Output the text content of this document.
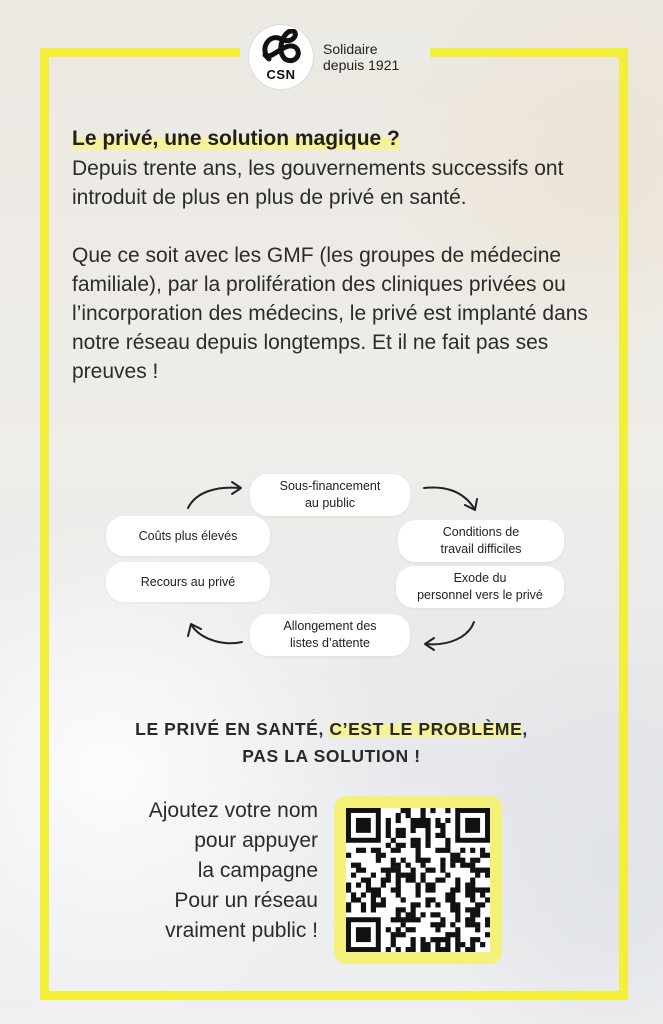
CSN
Solidaire
depuis 1921
Le privé, une solution magique ?

Depuis trente ans, les gouvernements successifs ont introduit de plus en plus de privé en santé.

Que ce soit avec les GMF (les groupes de médecine familiale), par la prolifération des cliniques privées ou l’incorporation des médecins, le privé est implanté dans notre réseau depuis longtemps. Et il ne fait pas ses preuves !

Sous-financement
au public
Conditions de
travail difficiles
Exode du
personnel vers le privé
Allongement des
listes d’attente
Recours au privé
Coûts plus élevés
LE PRIVÉ EN SANTÉ, C’EST LE PROBLÈME,
PAS LA SOLUTION !
Ajoutez votre nom
pour appuyer
la campagne
Pour un réseau
vraiment public !
